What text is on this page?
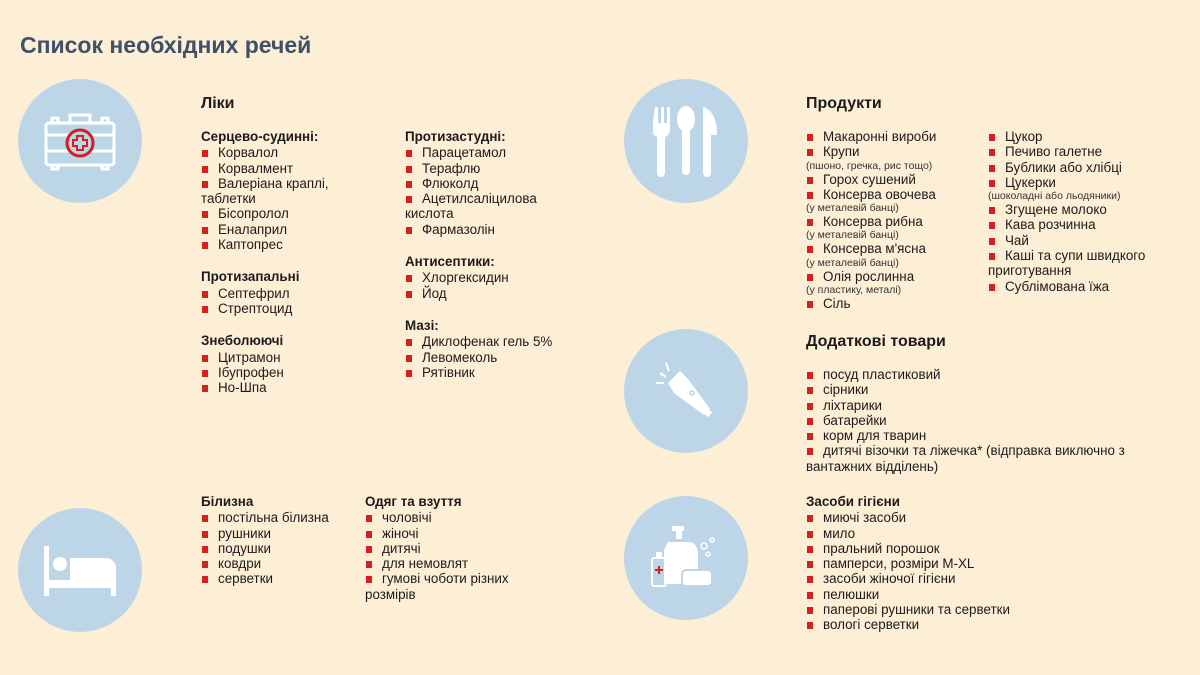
Список необхідних речей
Ліки	Продукти
Додаткові товари
Серцево-судинні:
Корвалол
Корвалмент
Валеріана краплі, таблетки
Бісопролол
Еналаприл
Каптопрес
Протизапальні
Септефрил
Стрептоцид
Знеболюючі
Цитрамон
Ібупрофен
Но-Шпа
Протизастудні:
Парацетамол
Терафлю
Флюколд
Ацетилсаліцилова кислота
Фармазолін
Антисептики:
Хлоргексидин
Йод
Мазі:
Диклофенак гель 5%
Левомеколь
Рятівник
Макаронні вироби
Крупи
(пшоно, гречка, рис тощо)
Горох сушений
Консерва овочева
(у металевій банці)
Консерва рибна
(у металевій банці)
Консерва м'ясна
(у металевій банці)
Олія рослинна
(у пластику, металі)
Сіль
Цукор
Печиво галетне
Бублики або хлібці
Цукерки
(шоколадні або льодяники)
Згущене молоко
Кава розчинна
Чай
Каші та супи швидкого приготування
Сублімована їжа
посуд пластиковий
сірники
ліхтарики
батарейки
корм для тварин
дитячі візочки та ліжечка* (відправка виключно з вантажних відділень)
Білизна
постільна білизна
рушники
подушки
ковдри
серветки
Одяг та взуття
чоловічі
жіночі
дитячі
для немовлят
гумові чоботи різних розмірів
Засоби гігієни
миючі засоби
мило
пральний порошок
памперси, розміри M-XL
засоби жіночої гігієни
пелюшки
паперові рушники та серветки
вологі серветки
